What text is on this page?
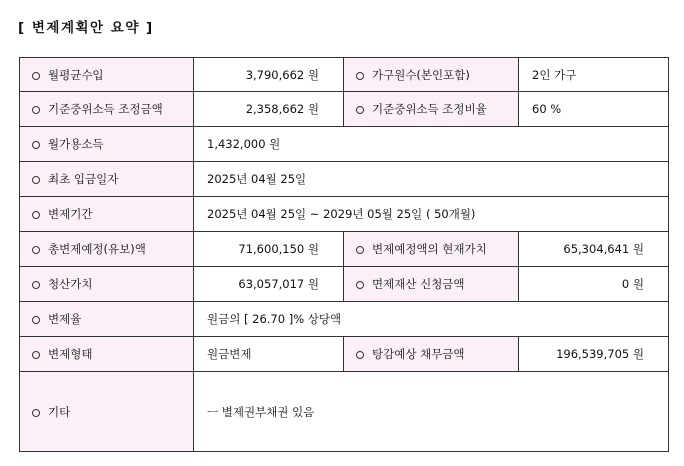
[ 변제계획안 요약 ]
월평균수입	3,790,662 원	가구원수(본인포함)	2인 가구
기준중위소득 조정금액	2,358,662 원	기준중위소득 조정비율	60 %
월가용소득	1,432,000 원		
최초 입금일자	2025년 04월 25일		
변제기간	2025년 04월 25일 ~ 2029년 05월 25일 ( 50개월)		
총변제예정(유보)액	71,600,150 원	변제예정액의 현재가치	65,304,641 원
청산가치	63,057,017 원	면제재산 신청금액	0 원
변제율	원금의 [ 26.70 ]% 상당액		
변제형태	원금변제	탕감예상 채무금액	196,539,705 원
기타	ㅡ 별제권부채권 있음		
